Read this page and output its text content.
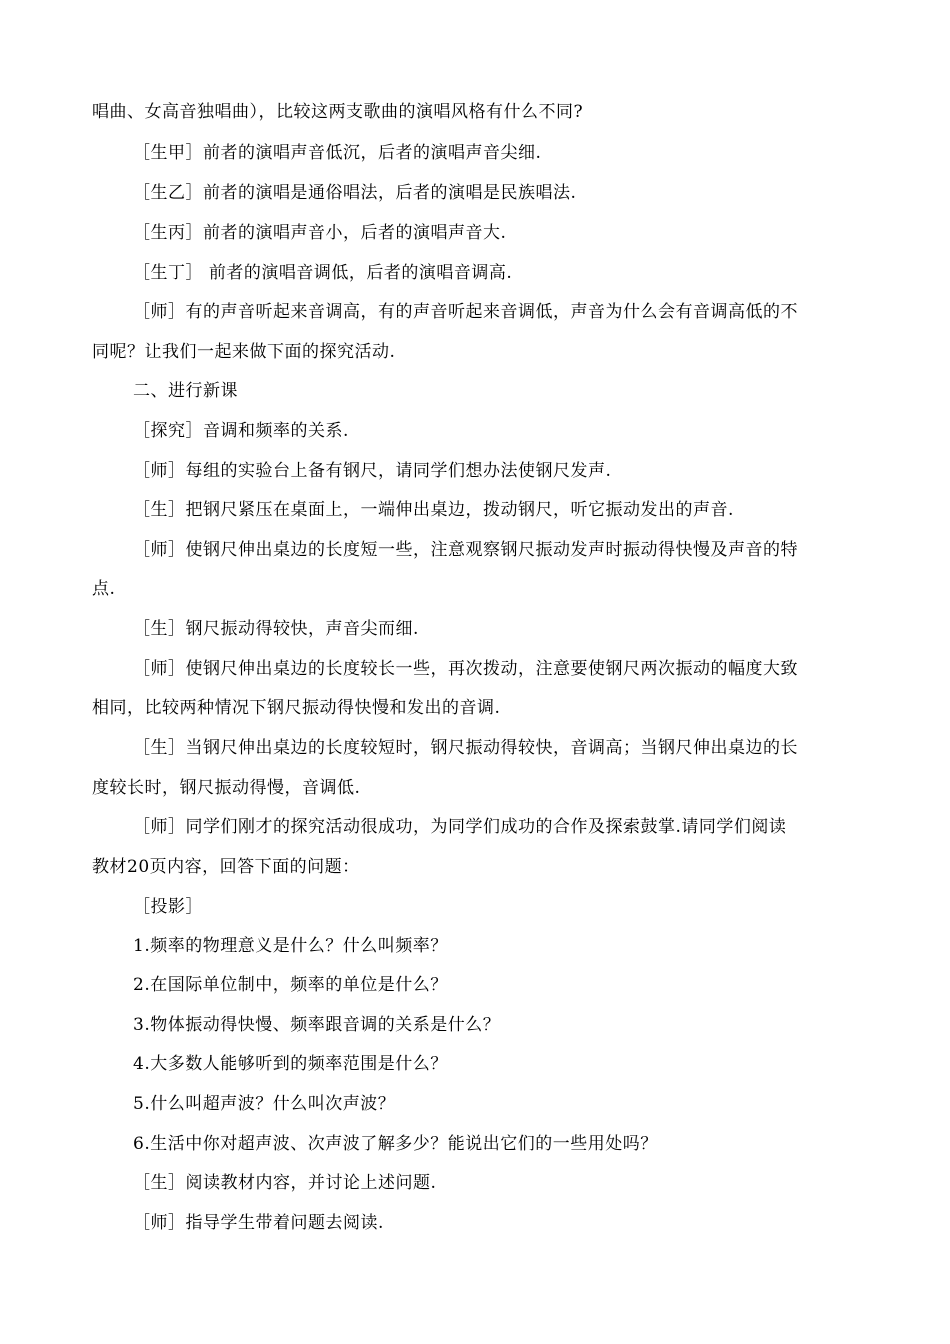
唱曲、女高音独唱曲），比较这两支歌曲的演唱风格有什么不同?
［生甲］前者的演唱声音低沉，后者的演唱声音尖细.
［生乙］前者的演唱是通俗唱法，后者的演唱是民族唱法.
［生丙］前者的演唱声音小，后者的演唱声音大.
［生丁］ 前者的演唱音调低，后者的演唱音调高.
［师］有的声音听起来音调高，有的声音听起来音调低，声音为什么会有音调高低的不
同呢？让我们一起来做下面的探究活动.
二、进行新课
［探究］音调和频率的关系.
［师］每组的实验台上备有钢尺，请同学们想办法使钢尺发声.
［生］把钢尺紧压在桌面上，一端伸出桌边，拨动钢尺，听它振动发出的声音.
［师］使钢尺伸出桌边的长度短一些，注意观察钢尺振动发声时振动得快慢及声音的特
点.
［生］钢尺振动得较快，声音尖而细.
［师］使钢尺伸出桌边的长度较长一些，再次拨动，注意要使钢尺两次振动的幅度大致
相同，比较两种情况下钢尺振动得快慢和发出的音调.
［生］当钢尺伸出桌边的长度较短时，钢尺振动得较快，音调高；当钢尺伸出桌边的长
度较长时，钢尺振动得慢，音调低.
［师］同学们刚才的探究活动很成功，为同学们成功的合作及探索鼓掌.请同学们阅读
教材20页内容，回答下面的问题：
［投影］
1.频率的物理意义是什么？什么叫频率？
2.在国际单位制中，频率的单位是什么？
3.物体振动得快慢、频率跟音调的关系是什么？
4.大多数人能够听到的频率范围是什么？
5.什么叫超声波？什么叫次声波？
6.生活中你对超声波、次声波了解多少？能说出它们的一些用处吗？
［生］阅读教材内容，并讨论上述问题.
［师］指导学生带着问题去阅读.
